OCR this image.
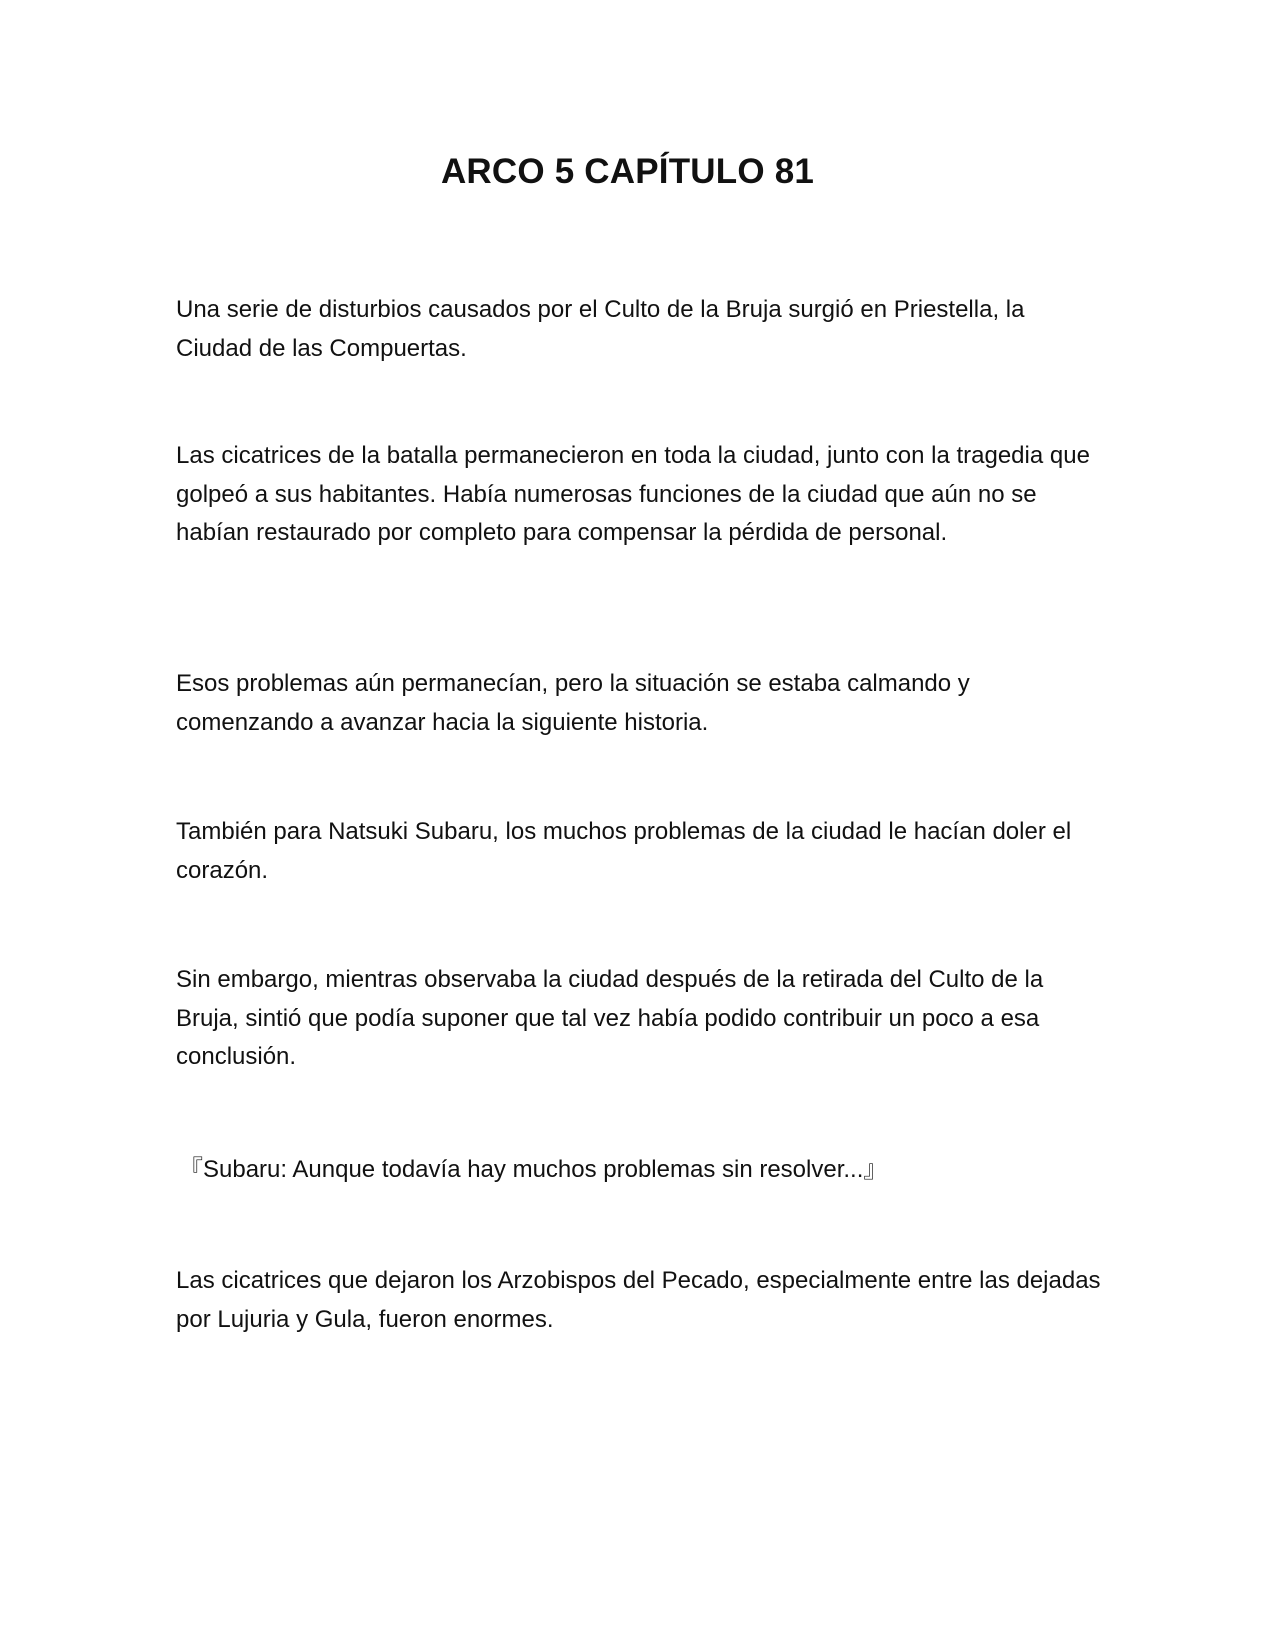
ARCO 5 CAPÍTULO 81

Una serie de disturbios causados por el Culto de la Bruja surgió en Priestella, la Ciudad de las Compuertas.

Las cicatrices de la batalla permanecieron en toda la ciudad, junto con la tragedia que golpeó a sus habitantes. Había numerosas funciones de la ciudad que aún no se habían restaurado por completo para compensar la pérdida de personal.

Esos problemas aún permanecían, pero la situación se estaba calmando y comenzando a avanzar hacia la siguiente historia.

También para Natsuki Subaru, los muchos problemas de la ciudad le hacían doler el corazón.

Sin embargo, mientras observaba la ciudad después de la retirada del Culto de la Bruja, sintió que podía suponer que tal vez había podido contribuir un poco a esa conclusión.

『Subaru: Aunque todavía hay muchos problemas sin resolver...』

Las cicatrices que dejaron los Arzobispos del Pecado, especialmente entre las dejadas por Lujuria y Gula, fueron enormes.
